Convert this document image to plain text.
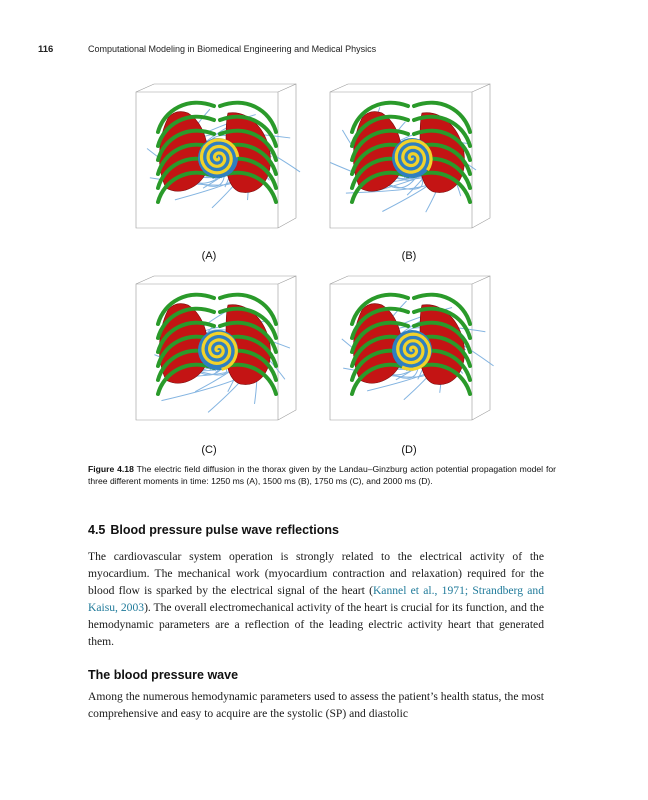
116	Computational Modeling in Biomedical Engineering and Medical Physics
(A)	(B)
(C)	(D)
Figure 4.18 The electric field diffusion in the thorax given by the Landau–Ginzburg action potential propagation model for three different moments in time: 1250 ms (A), 1500 ms (B), 1750 ms (C), and 2000 ms (D).
4.5 Blood pressure pulse wave reflections
The cardiovascular system operation is strongly related to the electrical activity of the myocardium. The mechanical work (myocardium contraction and relaxation) required for the blood flow is sparked by the electrical signal of the heart (Kannel et al., 1971; Strandberg and Kaisu, 2003). The overall electromechanical activity of the heart is crucial for its function, and the hemodynamic parameters are a reflection of the leading electric activity heart that generated them.
The blood pressure wave
Among the numerous hemodynamic parameters used to assess the patient’s health status, the most comprehensive and easy to acquire are the systolic (SP) and diastolic
